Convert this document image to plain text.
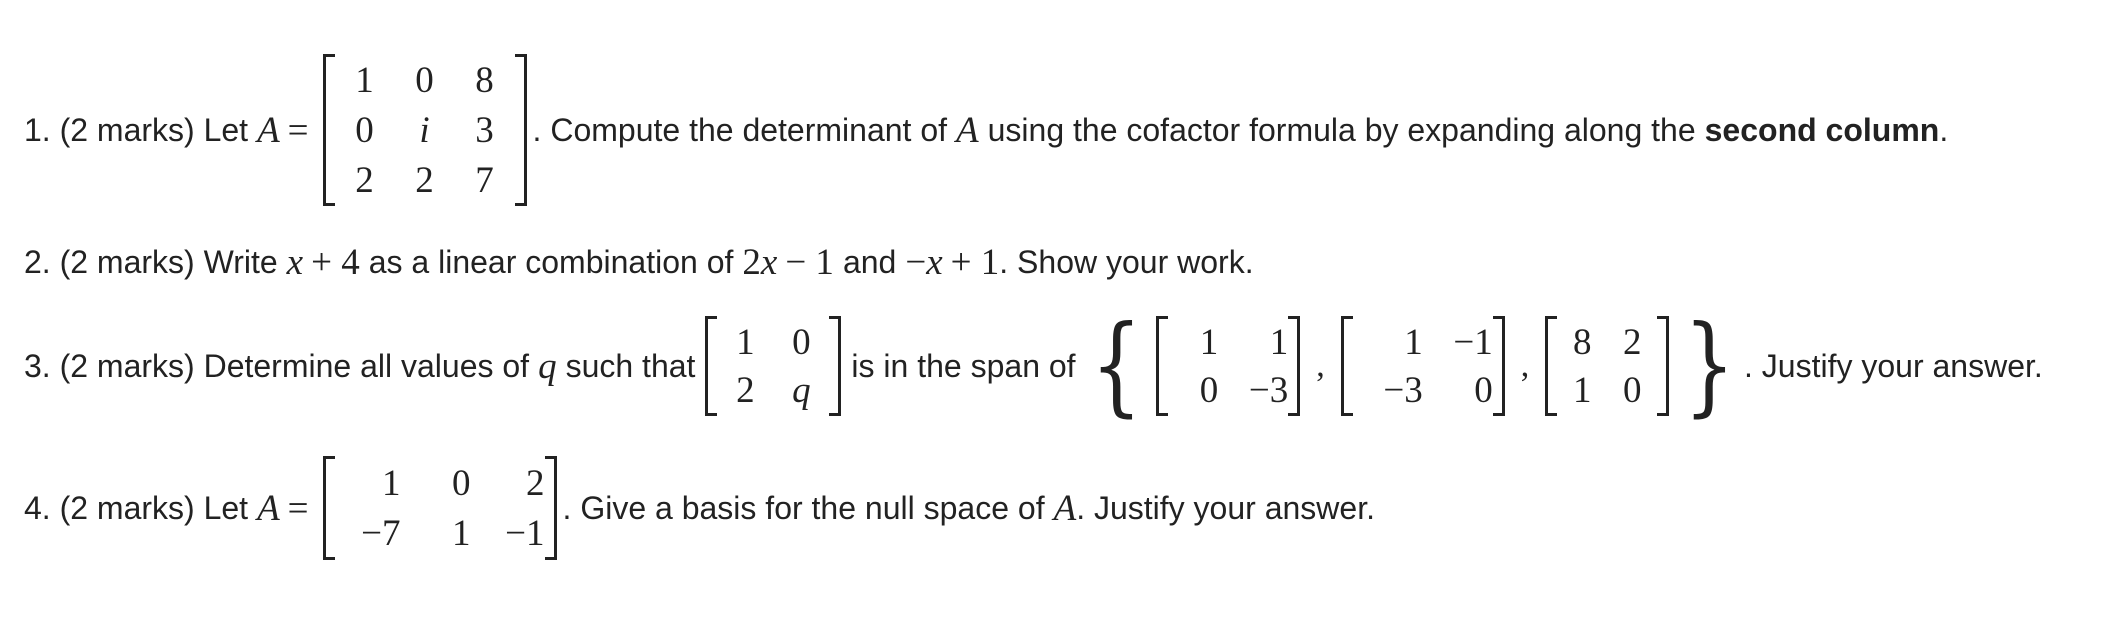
1. (2 marks) Let A =
1 0 8
0 i 3
2 2 7
. Compute the determinant of A using the cofactor formula by expanding along the second column .
2. (2 marks) Write x + 4 as a linear combination of 2 x − 1 and − x + 1 . Show your work.
3. (2 marks) Determine all values of q such that
1 0
2 q
is in the span of { 1 1
0 −3
,
1 −1
−3 0
,
8 2
1 0 } . Justify your answer.
4. (2 marks) Let A =
1 0 2
−7 1 −1
. Give a basis for the null space of A . Justify your answer.
